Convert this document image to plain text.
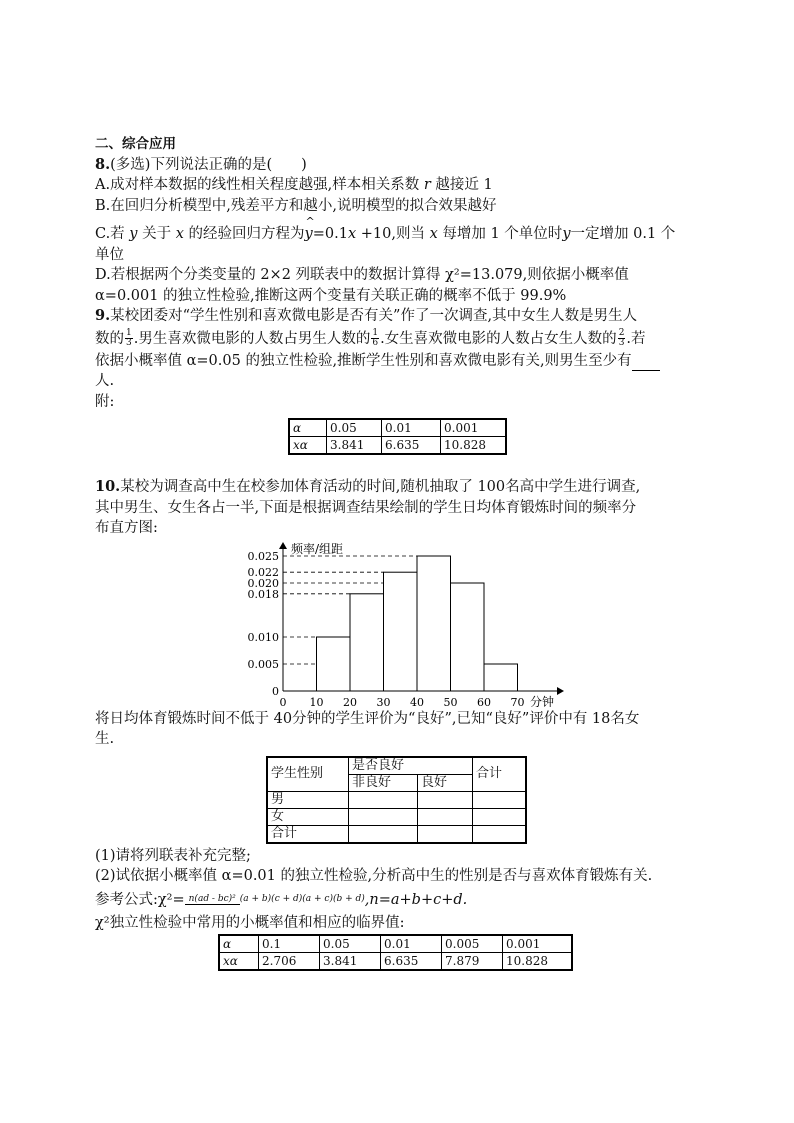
二、综合应用
8.(多选)下列说法正确的是(　　)
A.成对样本数据的线性相关程度越强,样本相关系数 r 越接近 1
B.在回归分析模型中,残差平方和越小,说明模型的拟合效果越好
C.若 y 关于 x 的经验回归方程为^ y=0.1x +10,则当 x 每增加 1 个单位时y一定增加 0.1 个
单位
D.若根据两个分类变量的 2×2 列联表中的数据计算得 χ²=13.079,则依据小概率值
α=0.001 的独立性检验,推断这两个变量有关联正确的概率不低于 99.9%
9.某校团委对“学生性别和喜欢微电影是否有关”作了一次调查,其中女生人数是男生人
数的 $\frac{1}{3}$ .男生喜欢微电影的人数占男生人数的 $\frac{1}{6}$ .女生喜欢微电影的人数占女生人数的 $\frac{2}{3}$ .若
依据小概率值 α=0.05 的独立性检验,推断学生性别和喜欢微电影有关,则男生至少有
人.
附:
α	0.05	0.01	0.001
xα	3.841	6.635	10.828
10.某校为调查高中生在校参加体育活动的时间,随机抽取了 100名高中学生进行调查,
其中男生、女生各占一半,下面是根据调查结果绘制的学生日均体育锻炼时间的频率分
布直方图:
频率/组距
0
0.005
0.010
0.018
0.020
0.022
0.025
0 10 20 30 40 50 60 70 分钟
将日均体育锻炼时间不低于 40分钟的学生评价为“良好”,已知“良好”评价中有 18名女
生.
学生性别	是否良好		合计
	非良好	良好	
男			
女			
合计			
(1)请将列联表补充完整;
(2)试依据小概率值 α=0.01 的独立性检验,分析高中生的性别是否与喜欢体育锻炼有关.
参考公式:χ²= n(ad - bc)² (a + b)(c + d)(a + c)(b + d),n=a+b+c+d.
χ²独立性检验中常用的小概率值和相应的临界值:
α	0.1	0.05	0.01	0.005	0.001
xα	2.706	3.841	6.635	7.879	10.828
